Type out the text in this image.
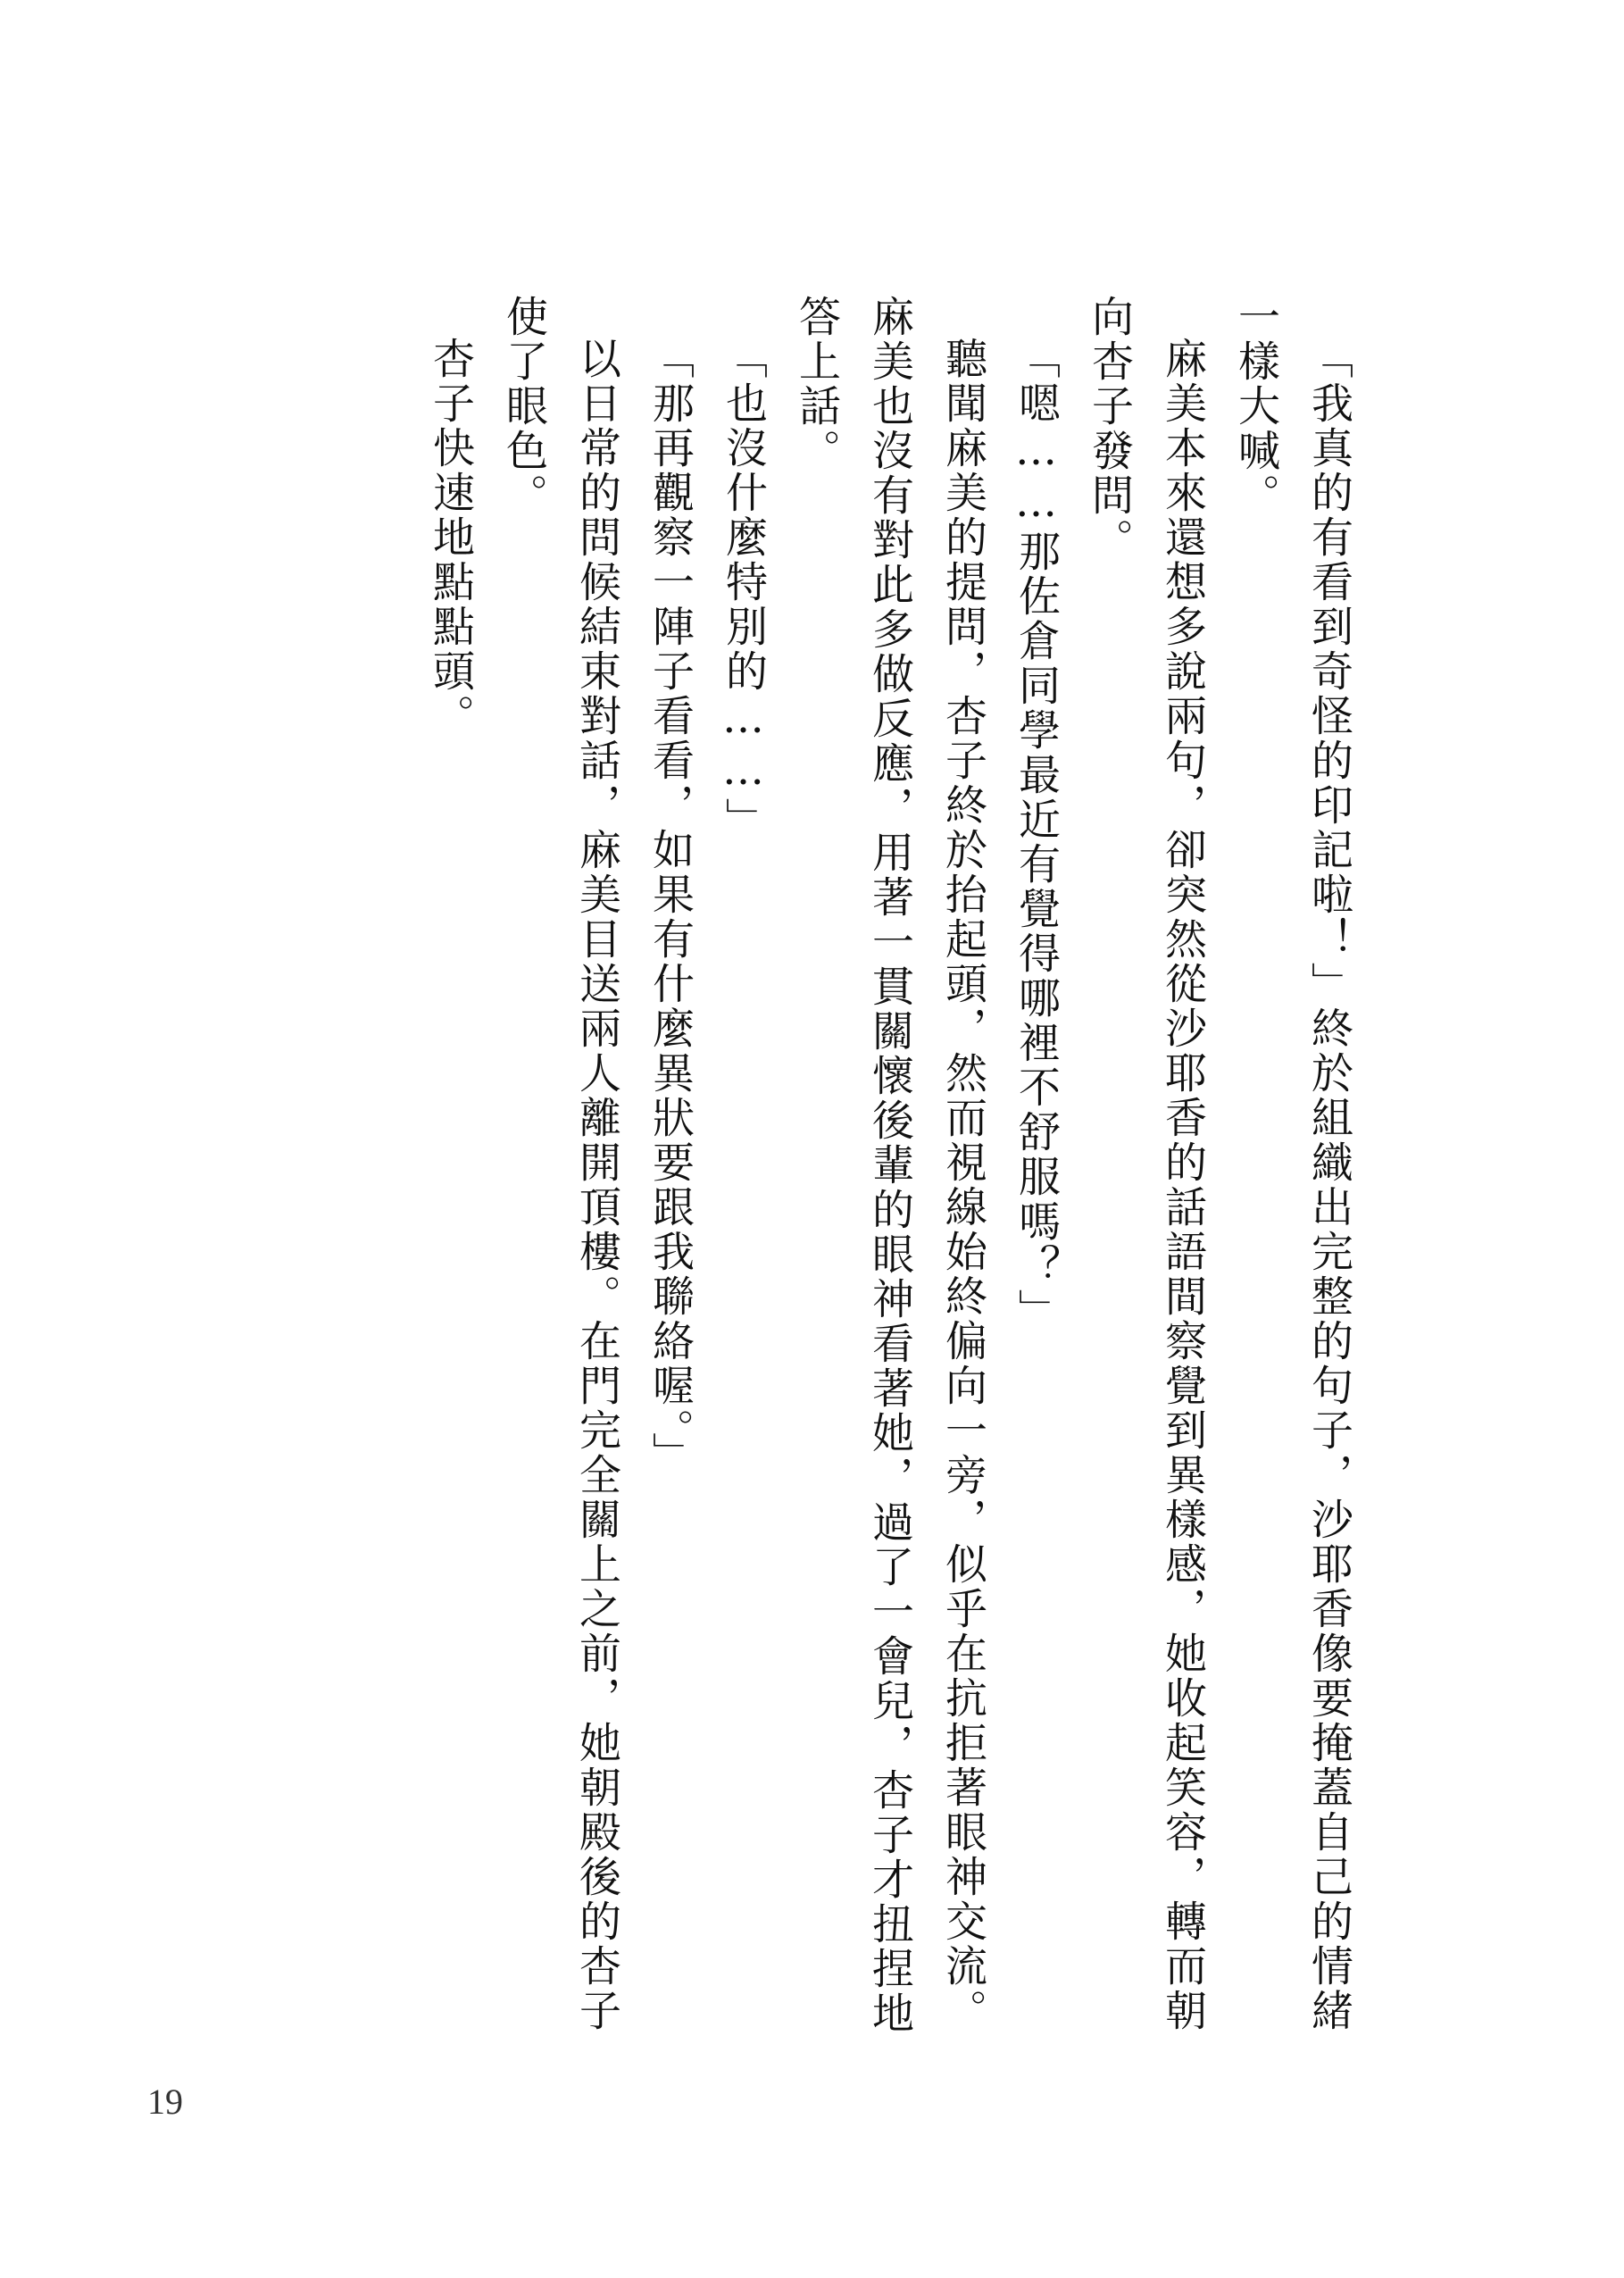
「我真的有看到奇怪的印記啦！」終於組織出完整的句子，沙耶香像要掩蓋自己的情緒一樣大喊。

麻美本來還想多說兩句，卻突然從沙耶香的話語間察覺到異樣感，她收起笑容，轉而朝向杏子發問。

「嗯……那佐倉同學最近有覺得哪裡不舒服嗎？」

聽聞麻美的提問，杏子終於抬起頭，然而視線始終偏向一旁，似乎在抗拒著眼神交流。麻美也沒有對此多做反應，用著一貫關懷後輩的眼神看著她，過了一會兒，杏子才扭捏地答上話。

「也沒什麼特別的……」

「那再觀察一陣子看看，如果有什麼異狀要跟我聯絡喔。」

以日常的問候結束對話，麻美目送兩人離開頂樓。在門完全關上之前，她朝殿後的杏子使了眼色。

杏子快速地點點頭。

19
